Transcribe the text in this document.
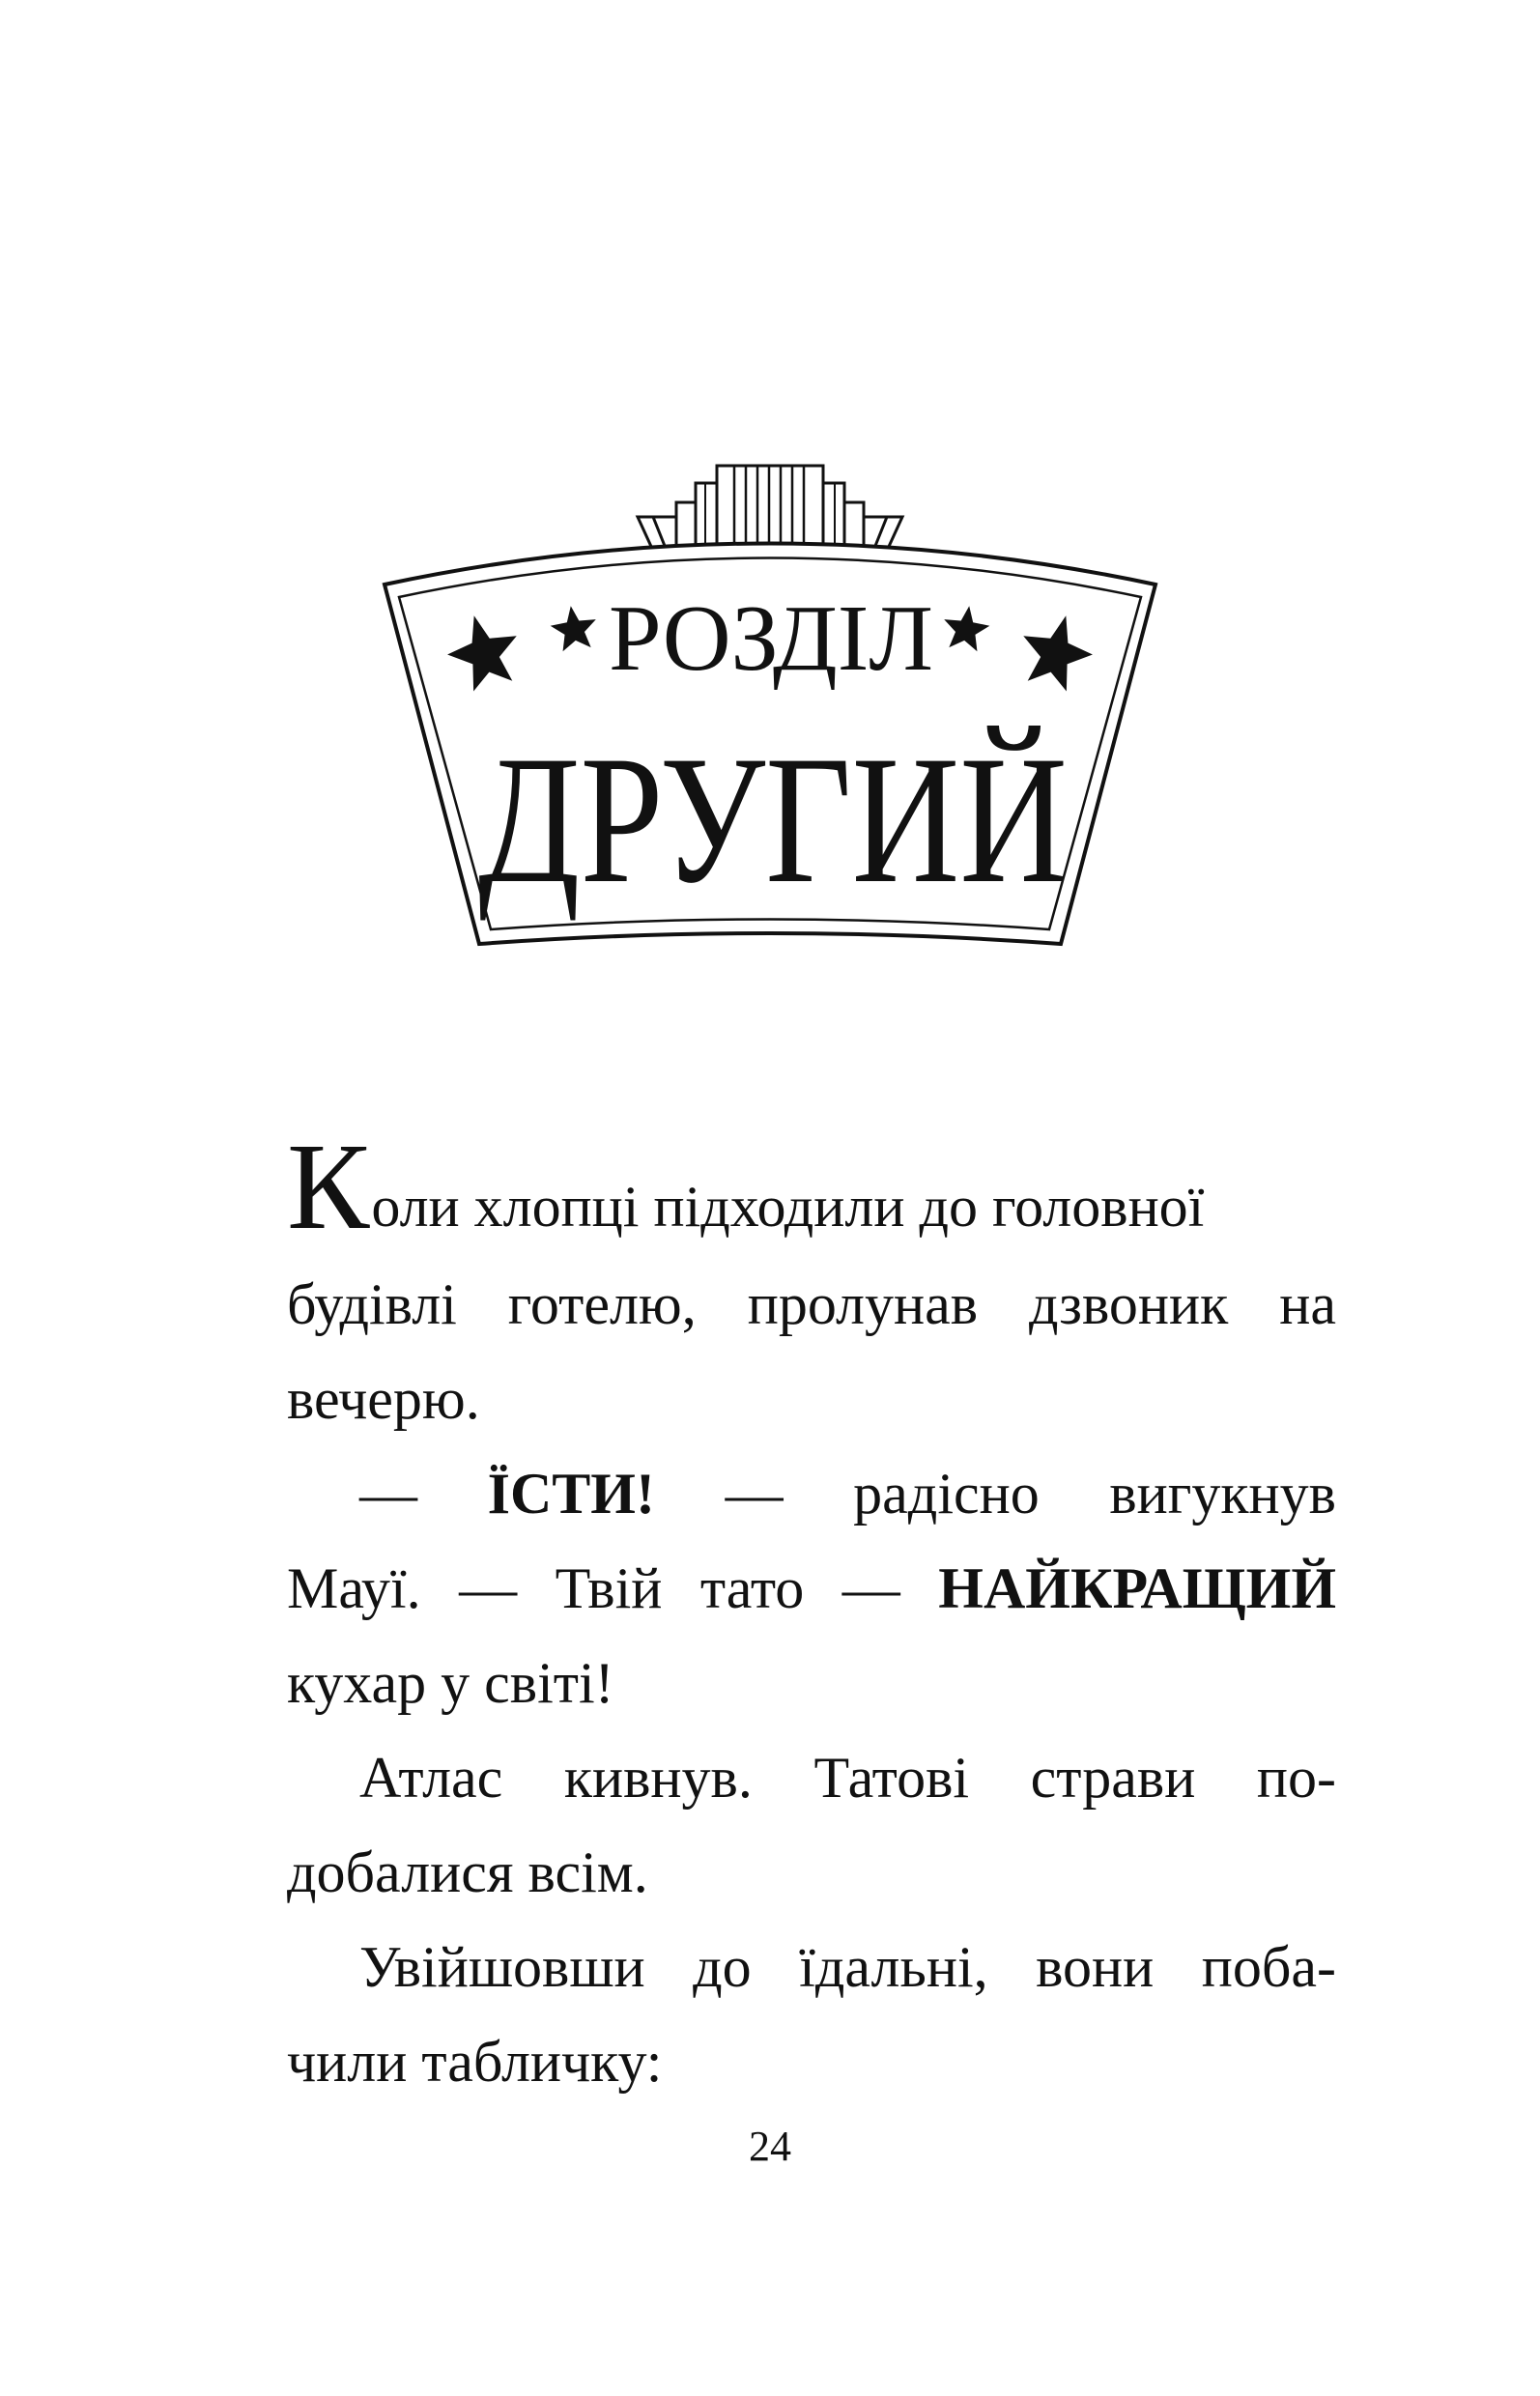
РОЗДІЛ
ДРУГИЙ
Коли хлопці підходили до головної
будівлі готелю, пролунав дзвоник на
вечерю.
— ЇСТИ! — радісно вигукнув
Мауї. — Твій тато — НАЙКРАЩИЙ
кухар у світі!
Атлас кивнув. Татові страви по-
добалися всім.
Увійшовши до їдальні, вони поба-
чили табличку:
24
